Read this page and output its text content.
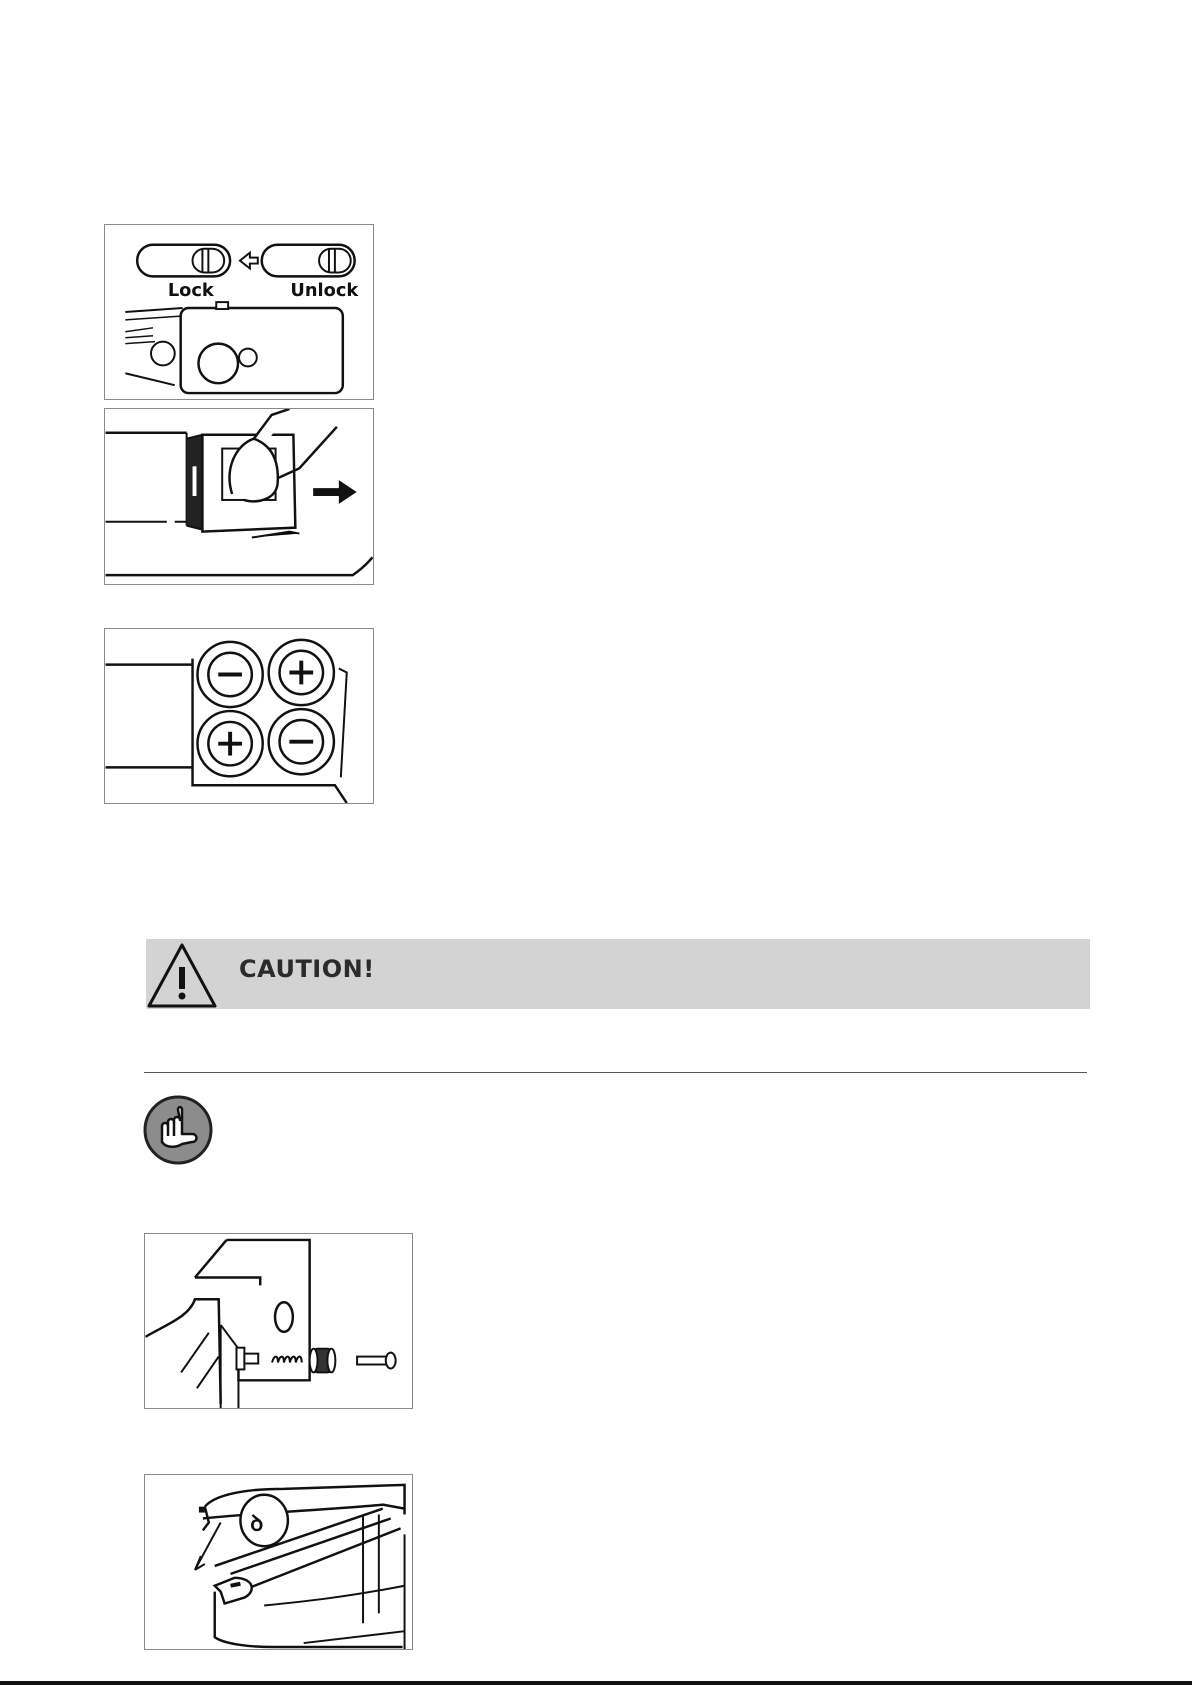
Lock	Unlock
CAUTION!
ꝺ
